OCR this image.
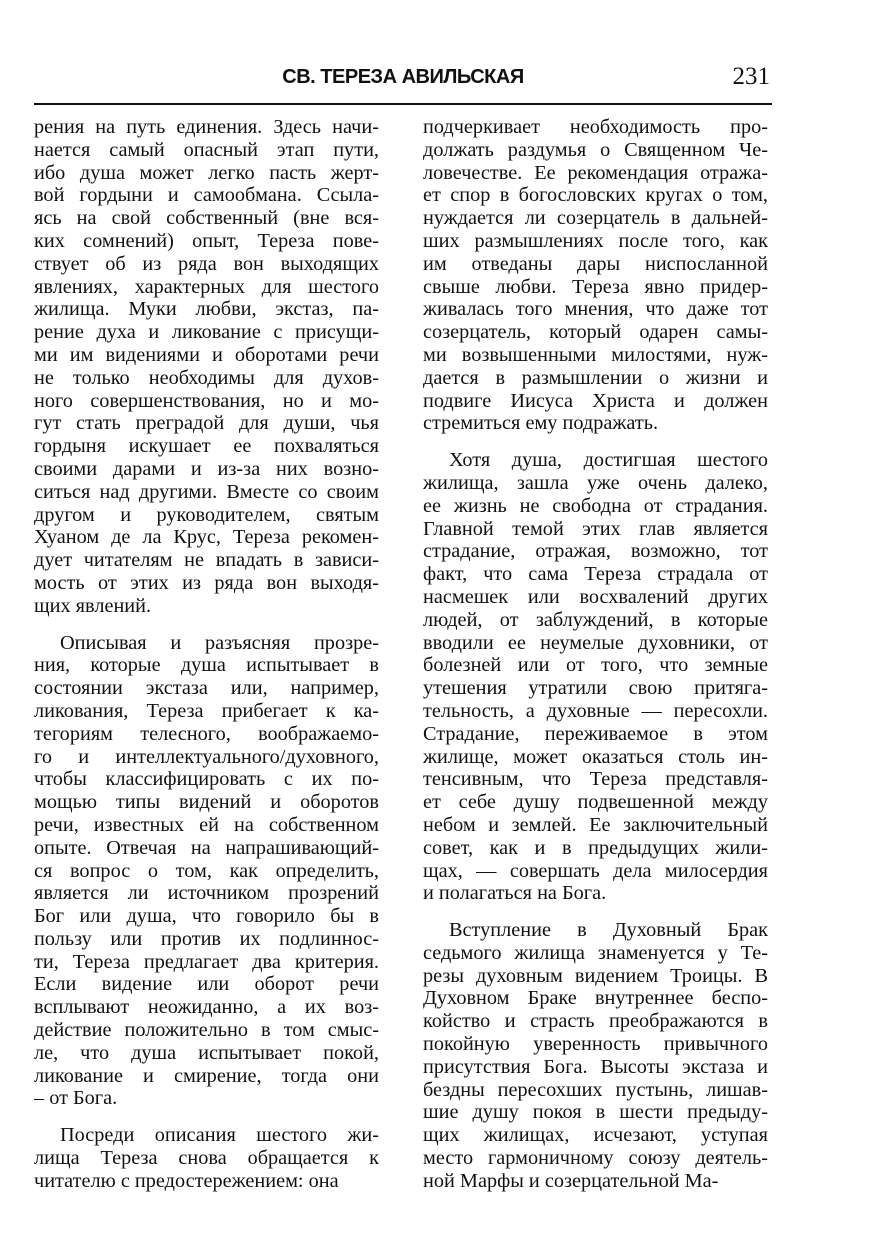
СВ. ТЕРЕЗА АВИЛЬСКАЯ	231
рения на путь единения. Здесь начи-
нается самый опасный этап пути,
ибо душа может легко пасть жерт-
вой гордыни и самообмана. Ссыла-
ясь на свой собственный (вне вся-
ких сомнений) опыт, Тереза пове-
ствует об из ряда вон выходящих
явлениях, характерных для шестого
жилища. Муки любви, экстаз, па-
рение духа и ликование с присущи-
ми им видениями и оборотами речи
не только необходимы для духов-
ного совершенствования, но и мо-
гут стать преградой для души, чья
гордыня искушает ее похваляться
своими дарами и из-за них возно-
ситься над другими. Вместе со своим
другом и руководителем, святым
Хуаном де ла Крус, Тереза рекомен-
дует читателям не впадать в зависи-
мость от этих из ряда вон выходя-
щих явлений.
Описывая и разъясняя прозре-
ния, которые душа испытывает в
состоянии экстаза или, например,
ликования, Тереза прибегает к ка-
тегориям телесного, воображаемо-
го и интеллектуального/духовного,
чтобы классифицировать с их по-
мощью типы видений и оборотов
речи, известных ей на собственном
опыте. Отвечая на напрашивающий-
ся вопрос о том, как определить,
является ли источником прозрений
Бог или душа, что говорило бы в
пользу или против их подлиннос-
ти, Тереза предлагает два критерия.
Если видение или оборот речи
всплывают неожиданно, а их воз-
действие положительно в том смыс-
ле, что душа испытывает покой,
ликование и смирение, тогда они
– от Бога.
Посреди описания шестого жи-
лища Тереза снова обращается к
читателю с предостережением: она
подчеркивает необходимость про-
должать раздумья о Священном Че-
ловечестве. Ее рекомендация отража-
ет спор в богословских кругах о том,
нуждается ли созерцатель в дальней-
ших размышлениях после того, как
им отведаны дары ниспосланной
свыше любви. Тереза явно придер-
живалась того мнения, что даже тот
созерцатель, который одарен самы-
ми возвышенными милостями, нуж-
дается в размышлении о жизни и
подвиге Иисуса Христа и должен
стремиться ему подражать.
Хотя душа, достигшая шестого
жилища, зашла уже очень далеко,
ее жизнь не свободна от страдания.
Главной темой этих глав является
страдание, отражая, возможно, тот
факт, что сама Тереза страдала от
насмешек или восхвалений других
людей, от заблуждений, в которые
вводили ее неумелые духовники, от
болезней или от того, что земные
утешения утратили свою притяга-
тельность, а духовные — пересохли.
Страдание, переживаемое в этом
жилище, может оказаться столь ин-
тенсивным, что Тереза представля-
ет себе душу подвешенной между
небом и землей. Ее заключительный
совет, как и в предыдущих жили-
щах, — совершать дела милосердия
и полагаться на Бога.
Вступление в Духовный Брак
седьмого жилища знаменуется у Те-
резы духовным видением Троицы. В
Духовном Браке внутреннее беспо-
койство и страсть преображаются в
покойную уверенность привычного
присутствия Бога. Высоты экстаза и
бездны пересохших пустынь, лишав-
шие душу покоя в шести предыду-
щих жилищах, исчезают, уступая
место гармоничному союзу деятель-
ной Марфы и созерцательной Ма-
